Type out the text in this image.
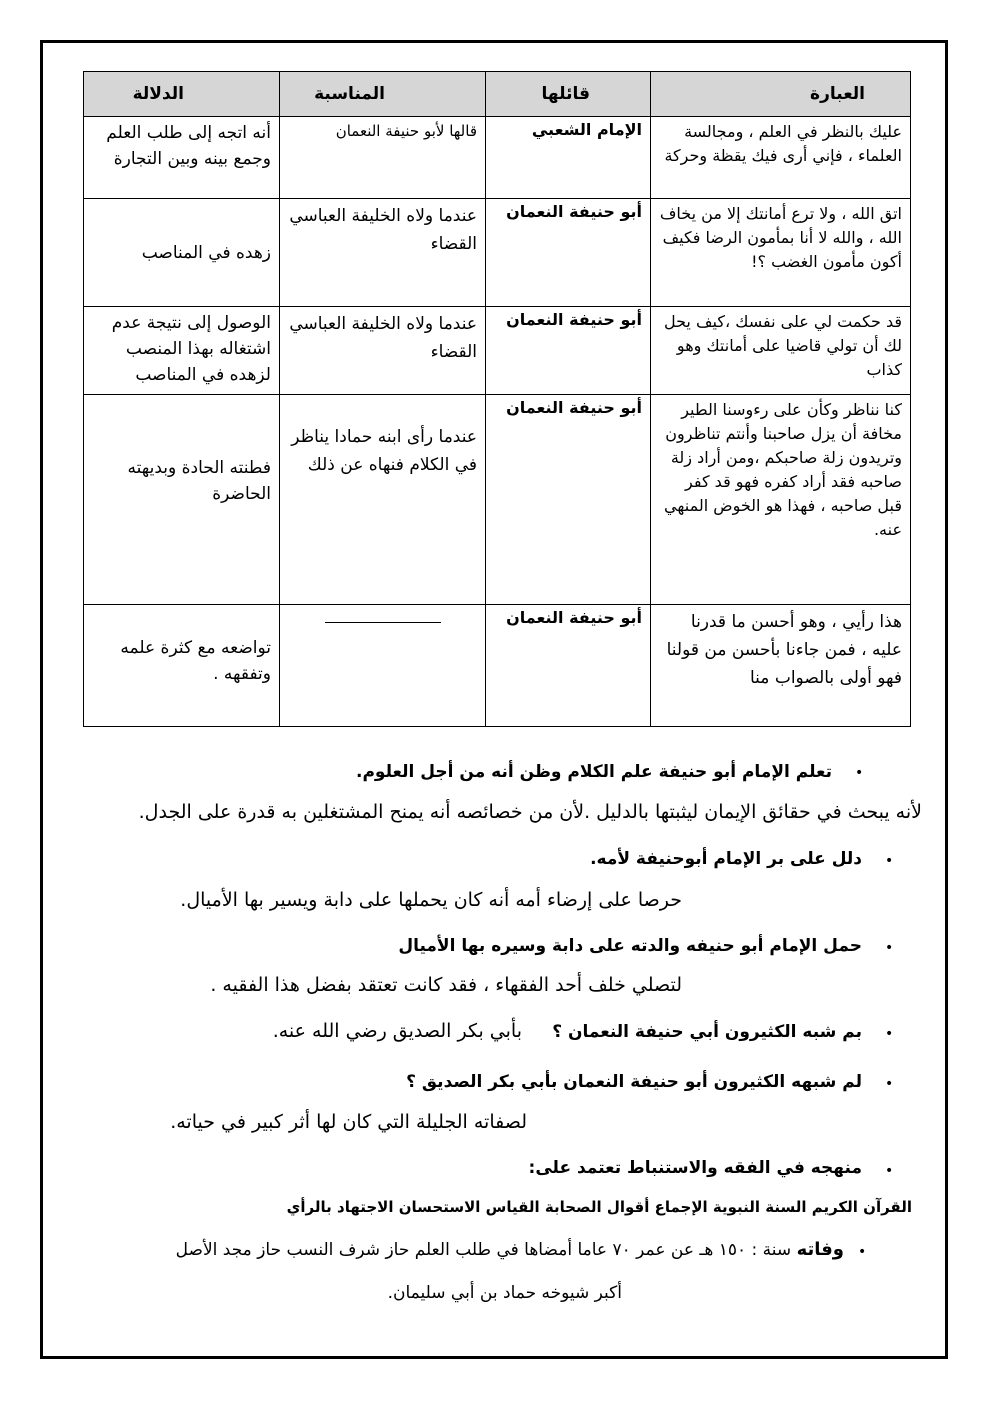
العبارة	قائلها	المناسبة	الدلالة
عليك بالنظر في العلم ، ومجالسة العلماء ، فإني أرى فيك يقظة وحركة	الإمام الشعبي	قالها لأبو حنيفة النعمان	أنه اتجه إلى طلب العلم وجمع بينه وبين التجارة
اتق الله ، ولا ترع أمانتك إلا من يخاف الله ، والله لا أنا بمأمون الرضا فكيف أكون مأمون الغضب ؟!	أبو حنيفة النعمان	عندما ولاه الخليفة العباسي القضاء	زهده في المناصب
قد حكمت لي على نفسك ،كيف يحل لك أن تولي قاضيا على أمانتك وهو كذاب	أبو حنيفة النعمان	عندما ولاه الخليفة العباسي القضاء	الوصول إلى نتيجة عدم اشتغاله بهذا المنصب لزهده في المناصب
كنا نناظر وكأن على رءوسنا الطير مخافة أن يزل صاحبنا وأنتم تناظرون وتريدون زلة صاحبكم ،ومن أراد زلة صاحبه فقد أراد كفره فهو قد كفر قبل صاحبه ، فهذا هو الخوض المنهي عنه.	أبو حنيفة النعمان	عندما رأى ابنه حمادا يناظر في الكلام فنهاه عن ذلك	فطنته الحادة وبديهته الحاضرة
هذا رأيي ، وهو أحسن ما قدرنا عليه ، فمن جاءنا بأحسن من قولنا فهو أولى بالصواب منا	أبو حنيفة النعمان		تواضعه مع كثرة علمه وتفقهه .
•
تعلم الإمام أبو حنيفة علم الكلام وظن أنه من أجل العلوم.
لأنه يبحث في حقائق الإيمان ليثبتها بالدليل .لأن من خصائصه أنه يمنح المشتغلين به قدرة على الجدل.
•
دلل على بر الإمام أبوحنيفة لأمه.
حرصا على إرضاء أمه أنه كان يحملها على دابة ويسير بها الأميال.
•
حمل الإمام أبو حنيفه والدته على دابة وسيره بها الأميال
لتصلي خلف أحد الفقهاء ، فقد كانت تعتقد بفضل هذا الفقيه .
•
بم شبه الكثيرون أبي حنيفة النعمان ؟
بأبي بكر الصديق رضي الله عنه.
•
لم شبهه الكثيرون أبو حنيفة النعمان بأبي بكر الصديق ؟
لصفاته الجليلة التي كان لها أثر كبير في حياته.
•
منهجه في الفقه والاستنباط تعتمد على:
القرآن الكريم السنة النبوية الإجماع أقوال الصحابة القياس الاستحسان الاجتهاد بالرأي
•
وفاته سنة : ١٥٠ هـ عن عمر ٧٠ عاما أمضاها في طلب العلم حاز شرف النسب حاز مجد الأصل
أكبر شيوخه حماد بن أبي سليمان.
